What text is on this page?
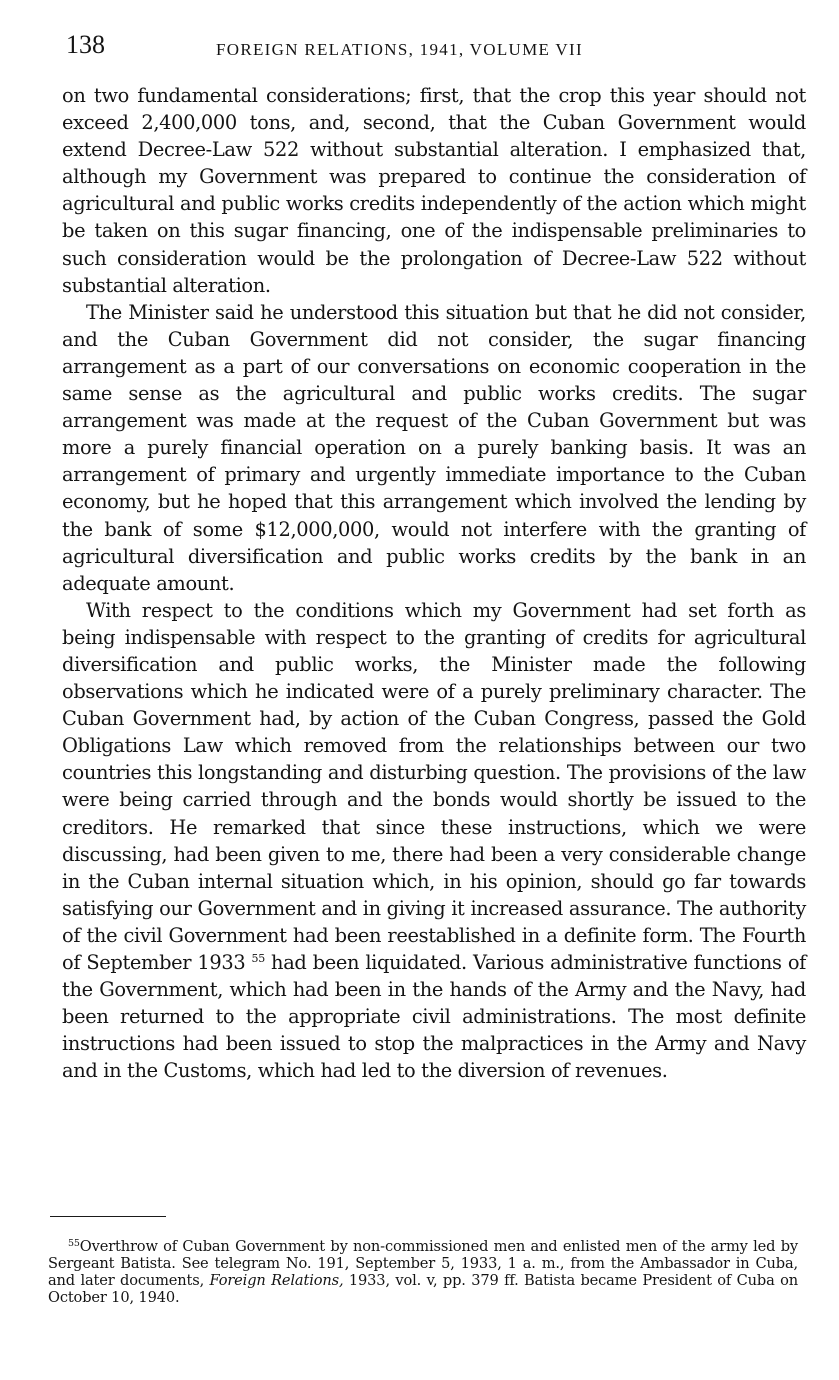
138	FOREIGN RELATIONS, 1941, VOLUME VII

on two fundamental considerations; first, that the crop this year should not exceed 2,400,000 tons, and, second, that the Cuban Government would extend Decree-Law 522 without substantial alteration. I emphasized that, although my Government was prepared to continue the consideration of agricultural and public works credits independently of the action which might be taken on this sugar financing, one of the indispensable preliminaries to such consideration would be the prolongation of Decree-Law 522 without substantial alteration.

The Minister said he understood this situation but that he did not consider, and the Cuban Government did not consider, the sugar financing arrangement as a part of our conversations on economic cooperation in the same sense as the agricultural and public works credits. The sugar arrangement was made at the request of the Cuban Government but was more a purely financial operation on a purely banking basis. It was an arrangement of primary and urgently immediate importance to the Cuban economy, but he hoped that this arrangement which involved the lending by the bank of some $12,000,000, would not interfere with the granting of agricultural diversification and public works credits by the bank in an adequate amount.

With respect to the conditions which my Government had set forth as being indispensable with respect to the granting of credits for agricultural diversification and public works, the Minister made the following observations which he indicated were of a purely preliminary character. The Cuban Government had, by action of the Cuban Congress, passed the Gold Obligations Law which removed from the relationships between our two countries this longstanding and disturbing question. The provisions of the law were being carried through and the bonds would shortly be issued to the creditors. He remarked that since these instructions, which we were discussing, had been given to me, there had been a very considerable change in the Cuban internal situation which, in his opinion, should go far towards satisfying our Government and in giving it increased assurance. The authority of the civil Government had been reestablished in a definite form. The Fourth of September 1933 $^{55}$ had been liquidated. Various administrative functions of the Government, which had been in the hands of the Army and the Navy, had been returned to the appropriate civil administrations. The most definite instructions had been issued to stop the malpractices in the Army and Navy and in the Customs, which had led to the diversion of revenues.

$^{55}$Overthrow of Cuban Government by non-commissioned men and enlisted men of the army led by Sergeant Batista. See telegram No. 191, September 5, 1933, 1 a. m., from the Ambassador in Cuba, and later documents, Foreign Relations, 1933, vol. v, pp. 379 ff. Batista became President of Cuba on October 10, 1940.
